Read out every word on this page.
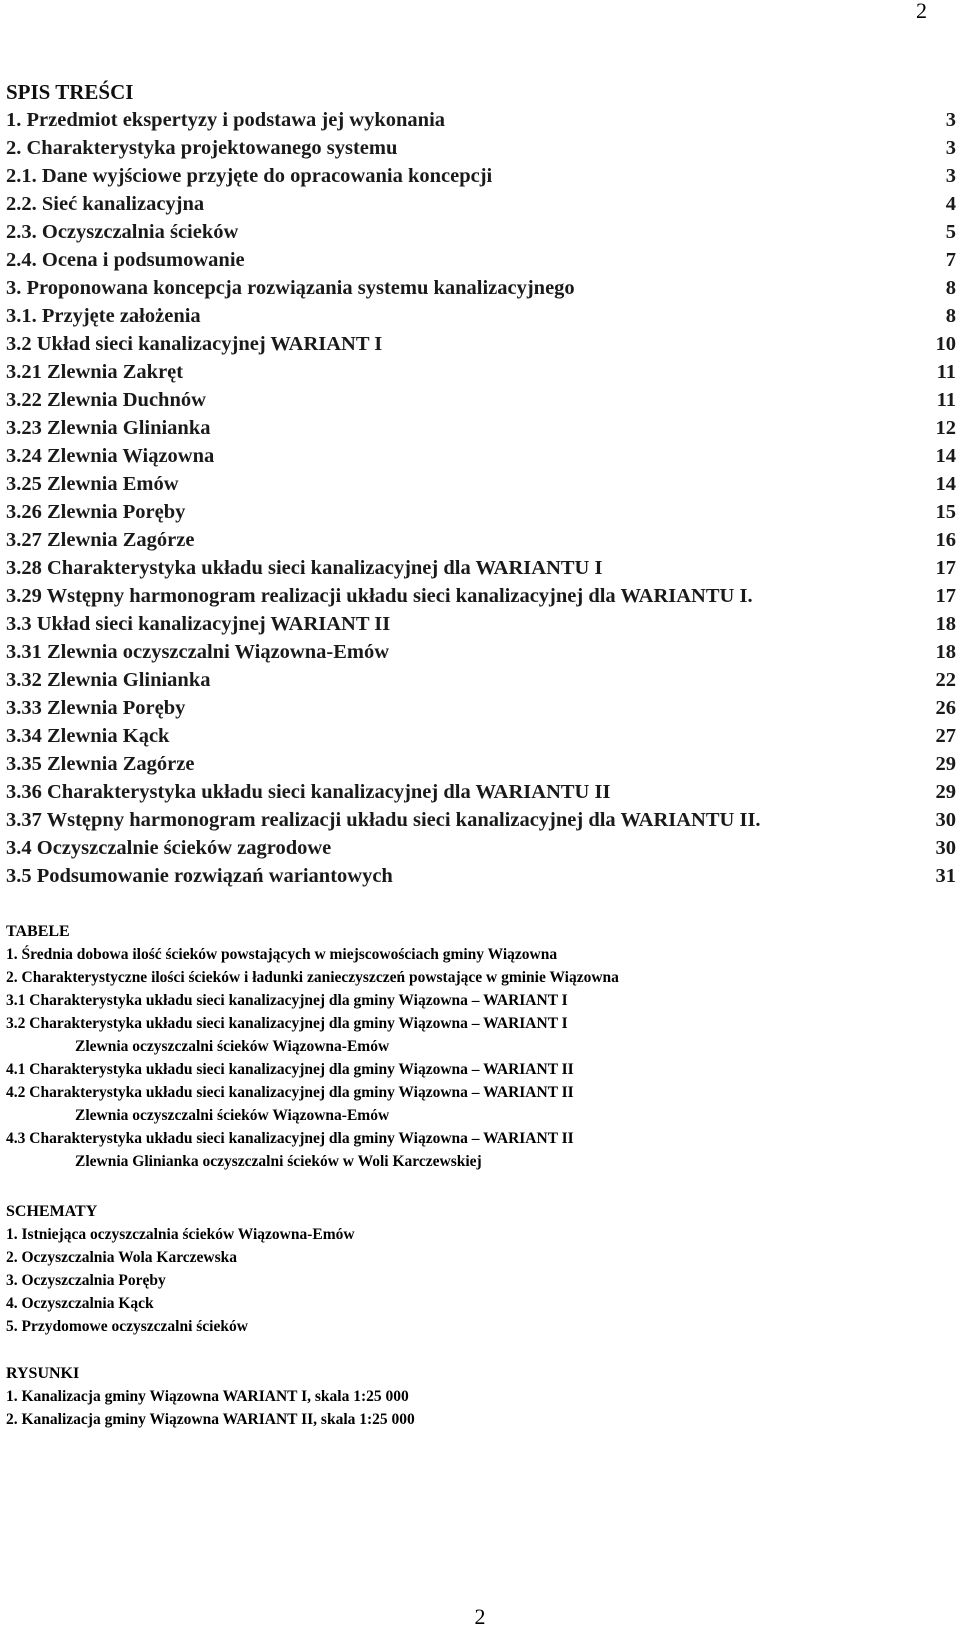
2
SPIS TREŚCI
1. Przedmiot ekspertyzy i podstawa jej wykonania	3
2. Charakterystyka projektowanego systemu	3
2.1. Dane wyjściowe przyjęte do opracowania koncepcji	3
2.2. Sieć kanalizacyjna	4
2.3. Oczyszczalnia ścieków	5
2.4. Ocena i podsumowanie	7
3. Proponowana koncepcja rozwiązania systemu kanalizacyjnego	8
3.1. Przyjęte założenia	8
3.2 Układ sieci kanalizacyjnej WARIANT I	10
3.21 Zlewnia Zakręt	11
3.22 Zlewnia Duchnów	11
3.23 Zlewnia Glinianka	12
3.24 Zlewnia Wiązowna	14
3.25 Zlewnia Emów	14
3.26 Zlewnia Poręby	15
3.27 Zlewnia Zagórze	16
3.28 Charakterystyka układu sieci kanalizacyjnej dla WARIANTU I	17
3.29 Wstępny harmonogram realizacji układu sieci kanalizacyjnej dla WARIANTU I.	17
3.3 Układ sieci kanalizacyjnej WARIANT II	18
3.31 Zlewnia oczyszczalni Wiązowna-Emów	18
3.32 Zlewnia Glinianka	22
3.33 Zlewnia Poręby	26
3.34 Zlewnia Kąck	27
3.35 Zlewnia Zagórze	29
3.36 Charakterystyka układu sieci kanalizacyjnej dla WARIANTU II	29
3.37 Wstępny harmonogram realizacji układu sieci kanalizacyjnej dla WARIANTU II.	30
3.4 Oczyszczalnie ścieków zagrodowe	30
3.5 Podsumowanie rozwiązań wariantowych	31
TABELE
1. Średnia dobowa ilość ścieków powstających w miejscowościach gminy Wiązowna
2. Charakterystyczne ilości ścieków i ładunki zanieczyszczeń powstające w gminie Wiązowna
3.1 Charakterystyka układu sieci kanalizacyjnej dla gminy Wiązowna – WARIANT I
3.2 Charakterystyka układu sieci kanalizacyjnej dla gminy Wiązowna – WARIANT I
Zlewnia oczyszczalni ścieków Wiązowna-Emów
4.1 Charakterystyka układu sieci kanalizacyjnej dla gminy Wiązowna – WARIANT II
4.2 Charakterystyka układu sieci kanalizacyjnej dla gminy Wiązowna – WARIANT II
Zlewnia oczyszczalni ścieków Wiązowna-Emów
4.3 Charakterystyka układu sieci kanalizacyjnej dla gminy Wiązowna – WARIANT II
Zlewnia Glinianka oczyszczalni ścieków w Woli Karczewskiej
SCHEMATY
1. Istniejąca oczyszczalnia ścieków Wiązowna-Emów
2. Oczyszczalnia Wola Karczewska
3. Oczyszczalnia Poręby
4. Oczyszczalnia Kąck
5. Przydomowe oczyszczalni ścieków
RYSUNKI
1. Kanalizacja gminy Wiązowna WARIANT I, skala 1:25 000
2. Kanalizacja gminy Wiązowna WARIANT II, skala 1:25 000
2
